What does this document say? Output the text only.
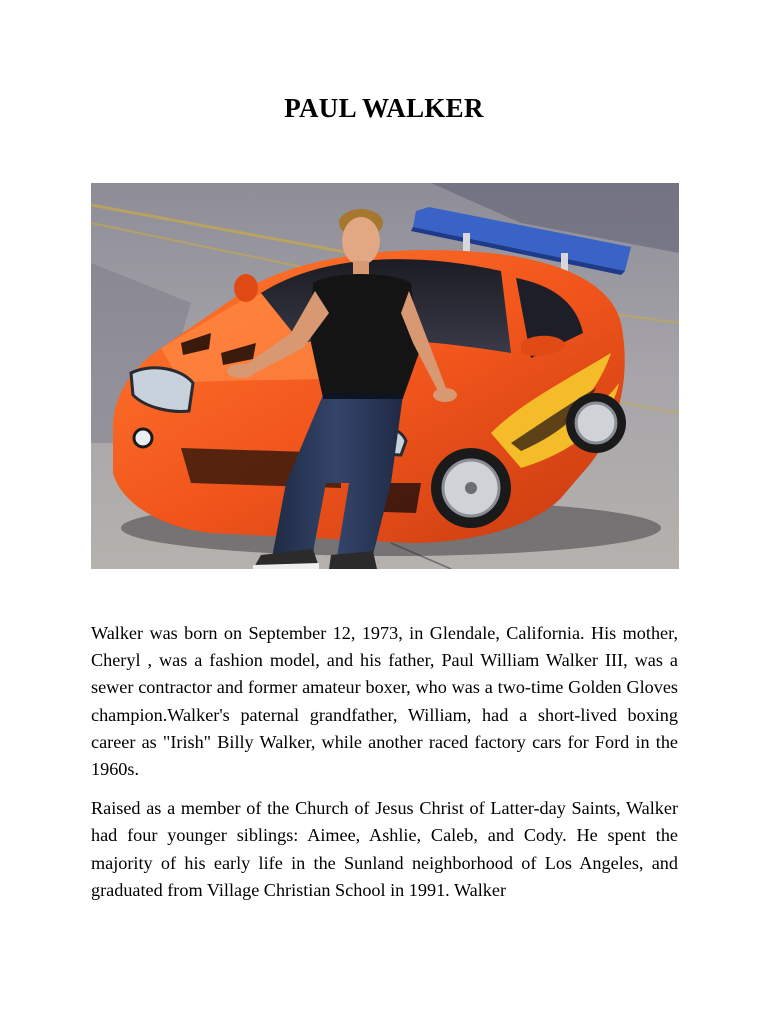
PAUL WALKER

Walker was born on September 12, 1973, in Glendale, California. His mother, Cheryl , was a fashion model, and his father, Paul William Walker III, was a sewer contractor and former amateur boxer, who was a two-time Golden Gloves champion.Walker's paternal grandfather, William, had a short-lived boxing career as "Irish" Billy Walker, while another raced factory cars for Ford in the 1960s.

Raised as a member of the Church of Jesus Christ of Latter-day Saints, Walker had four younger siblings: Aimee, Ashlie, Caleb, and Cody. He spent the majority of his early life in the Sunland neighborhood of Los Angeles, and graduated from Village Christian School in 1991. Walker
